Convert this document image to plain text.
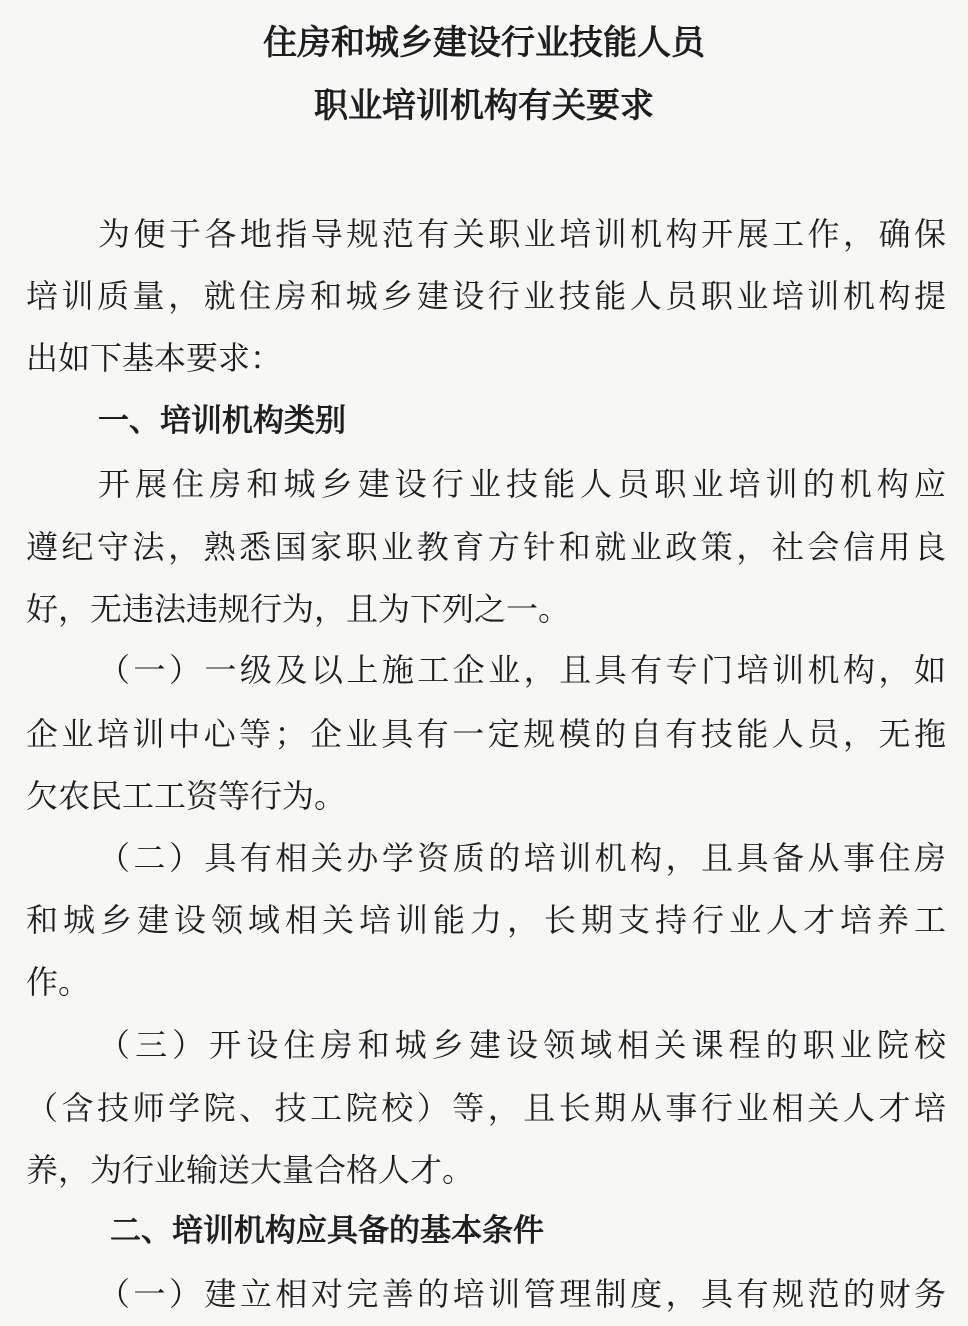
住房和城乡建设行业技能人员
职业培训机构有关要求
为便于各地指导规范有关职业培训机构开展工作，确保
培训质量，就住房和城乡建设行业技能人员职业培训机构提
出如下基本要求：
一、培训机构类别
开展住房和城乡建设行业技能人员职业培训的机构应
遵纪守法，熟悉国家职业教育方针和就业政策，社会信用良
好，无违法违规行为，且为下列之一。
（一）一级及以上施工企业，且具有专门培训机构，如
企业培训中心等；企业具有一定规模的自有技能人员，无拖
欠农民工工资等行为。
（二）具有相关办学资质的培训机构，且具备从事住房
和城乡建设领域相关培训能力，长期支持行业人才培养工
作。
（三）开设住房和城乡建设领域相关课程的职业院校
（含技师学院、技工院校）等，且长期从事行业相关人才培
养，为行业输送大量合格人才。
二、培训机构应具备的基本条件
（一）建立相对完善的培训管理制度，具有规范的财务
